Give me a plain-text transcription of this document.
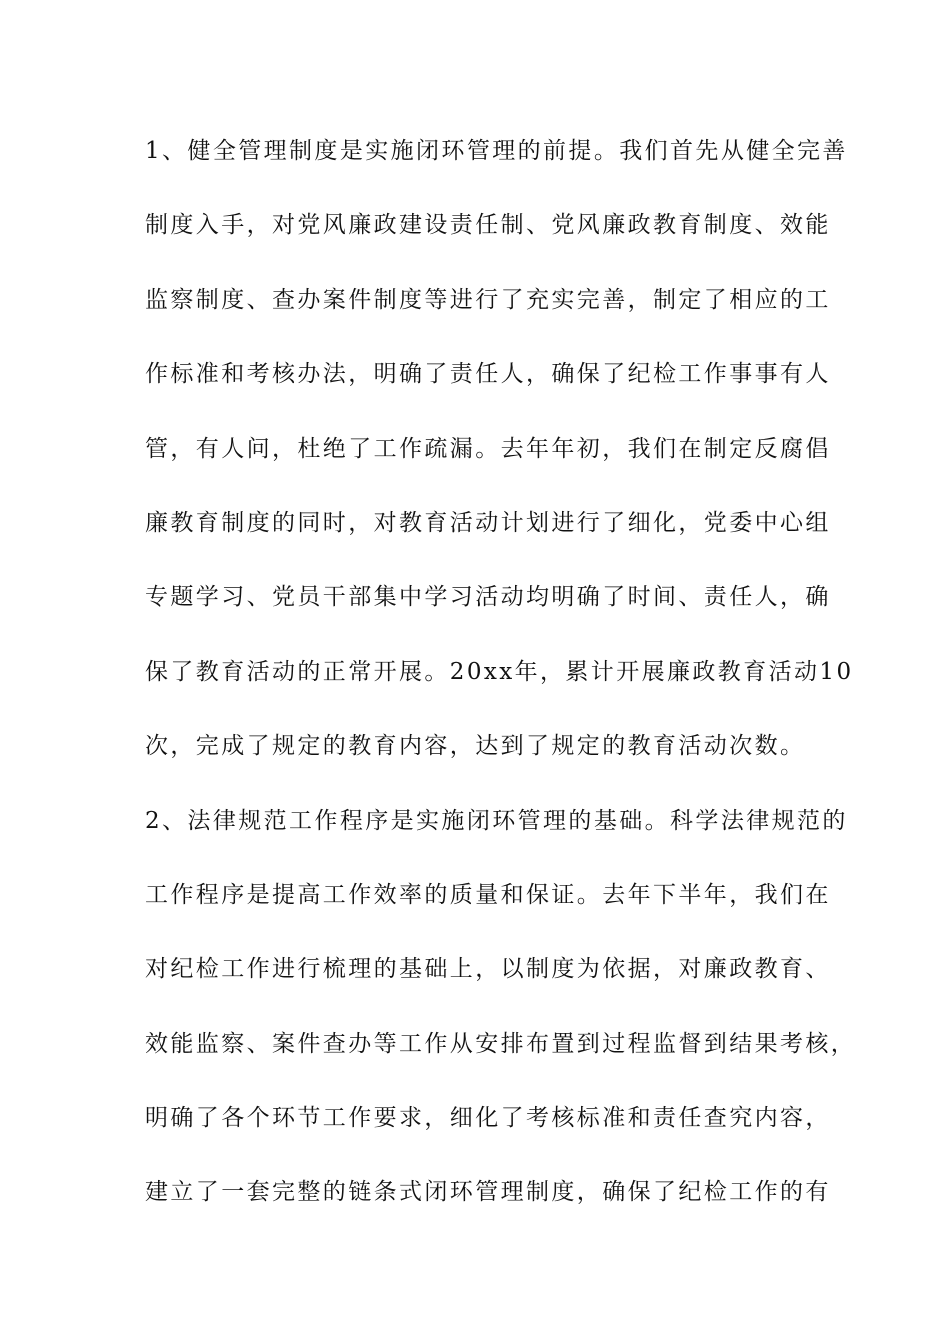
1、健全管理制度是实施闭环管理的前提。我们首先从健全完善
制度入手，对党风廉政建设责任制、党风廉政教育制度、效能
监察制度、查办案件制度等进行了充实完善，制定了相应的工
作标准和考核办法，明确了责任人，确保了纪检工作事事有人
管，有人问，杜绝了工作疏漏。去年年初，我们在制定反腐倡
廉教育制度的同时，对教育活动计划进行了细化，党委中心组
专题学习、党员干部集中学习活动均明确了时间、责任人，确
保了教育活动的正常开展。20xx年，累计开展廉政教育活动10
次，完成了规定的教育内容，达到了规定的教育活动次数。
2、法律规范工作程序是实施闭环管理的基础。科学法律规范的
工作程序是提高工作效率的质量和保证。去年下半年，我们在
对纪检工作进行梳理的基础上，以制度为依据，对廉政教育、
效能监察、案件查办等工作从安排布置到过程监督到结果考核，
明确了各个环节工作要求，细化了考核标准和责任查究内容，
建立了一套完整的链条式闭环管理制度，确保了纪检工作的有
